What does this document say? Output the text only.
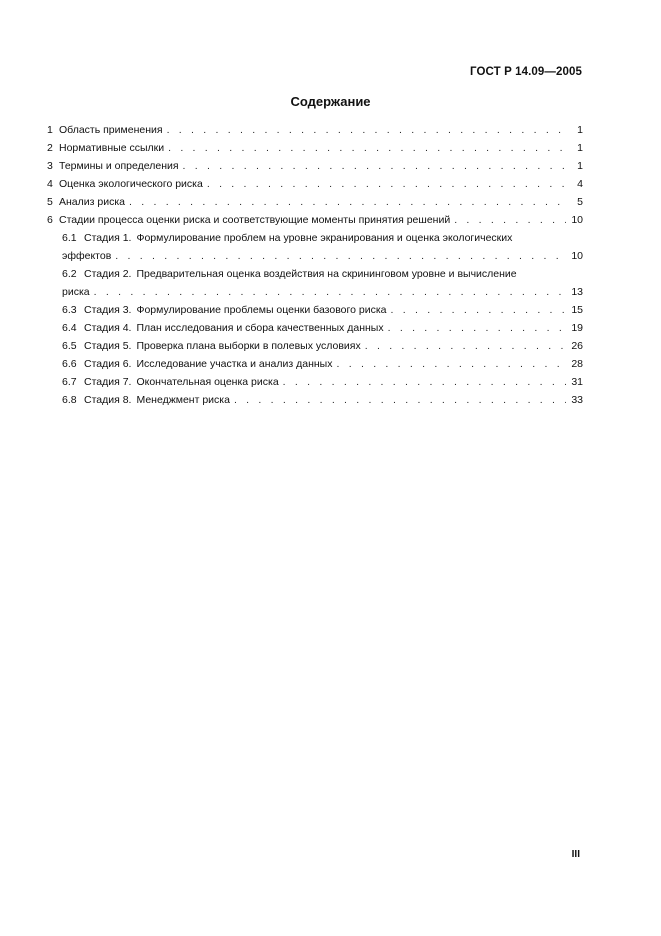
ГОСТ Р 14.09—2005
Содержание
1 Область применения . . .	1
2 Нормативные ссылки . . .	1
3 Термины и определения . . .	1
4 Оценка экологического риска . . .	4
5 Анализ риска . . .	5
6 Стадии процесса оценки риска и соответствующие моменты принятия решений . . .	10
6.1 Стадия 1. Формулирование проблем на уровне экранирования и оценка экологических
эффектов . . .	10
6.2 Стадия 2. Предварительная оценка воздействия на скрининговом уровне и вычисление
риска . . .	13
6.3 Стадия 3. Формулирование проблемы оценки базового риска . . .	15
6.4 Стадия 4. План исследования и сбора качественных данных . . .	19
6.5 Стадия 5. Проверка плана выборки в полевых условиях . . .	26
6.6 Стадия 6. Исследование участка и анализ данных . . .	28
6.7 Стадия 7. Окончательная оценка риска . . .	31
6.8 Стадия 8. Менеджмент риска . . .	33
III
